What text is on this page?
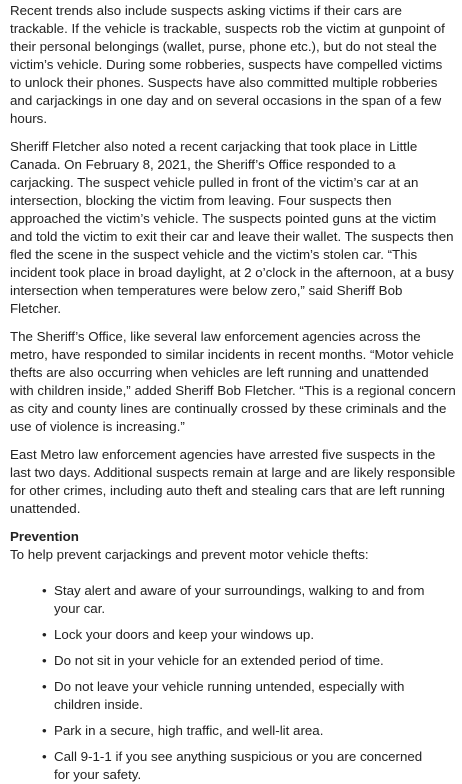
Recent trends also include suspects asking victims if their cars are trackable. If the vehicle is trackable, suspects rob the victim at gunpoint of their personal belongings (wallet, purse, phone etc.), but do not steal the victim’s vehicle. During some robberies, suspects have compelled victims to unlock their phones. Suspects have also committed multiple robberies and carjackings in one day and on several occasions in the span of a few hours.

Sheriff Fletcher also noted a recent carjacking that took place in Little Canada. On February 8, 2021, the Sheriff’s Office responded to a carjacking. The suspect vehicle pulled in front of the victim’s car at an intersection, blocking the victim from leaving. Four suspects then approached the victim’s vehicle. The suspects pointed guns at the victim and told the victim to exit their car and leave their wallet. The suspects then fled the scene in the suspect vehicle and the victim’s stolen car. “This incident took place in broad daylight, at 2 o’clock in the afternoon, at a busy intersection when temperatures were below zero,” said Sheriff Bob Fletcher.

The Sheriff’s Office, like several law enforcement agencies across the metro, have responded to similar incidents in recent months. “Motor vehicle thefts are also occurring when vehicles are left running and unattended with children inside,” added Sheriff Bob Fletcher. “This is a regional concern as city and county lines are continually crossed by these criminals and the use of violence is increasing.”

East Metro law enforcement agencies have arrested five suspects in the last two days. Additional suspects remain at large and are likely responsible for other crimes, including auto theft and stealing cars that are left running unattended.

Prevention

To help prevent carjackings and prevent motor vehicle thefts:

• Stay alert and aware of your surroundings, walking to and from your car.
• Lock your doors and keep your windows up.
• Do not sit in your vehicle for an extended period of time.
• Do not leave your vehicle running untended, especially with children inside.
• Park in a secure, high traffic, and well-lit area.
• Call 9-1-1 if you see anything suspicious or you are concerned for your safety.
